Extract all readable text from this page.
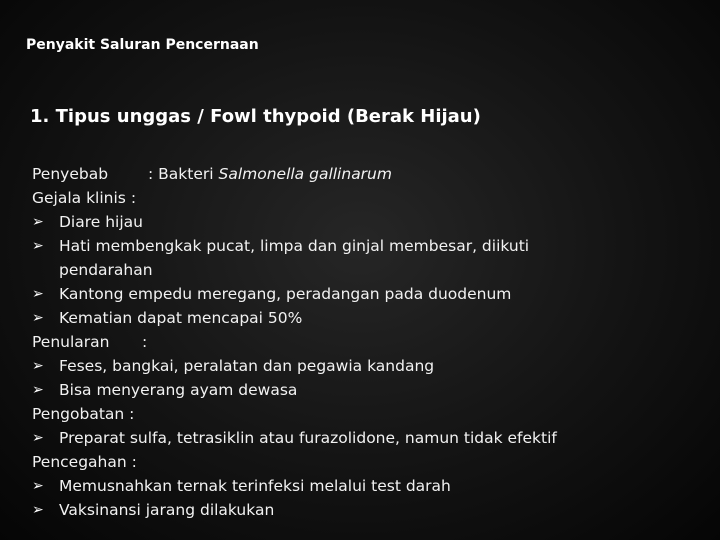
Penyakit Saluran Pencernaan
1. Tipus unggas / Fowl thypoid (Berak Hijau)
Penyebab	: Bakteri Salmonella gallinarum
Gejala klinis :
➢ Diare hijau
➢ Hati membengkak pucat, limpa dan ginjal membesar, diikuti pendarahan
➢ Kantong empedu meregang, peradangan pada duodenum
➢ Kematian dapat mencapai 50%
Penularan :
➢ Feses, bangkai, peralatan dan pegawia kandang
➢ Bisa menyerang ayam dewasa
Pengobatan :
➢ Preparat sulfa, tetrasiklin atau furazolidone, namun tidak efektif
Pencegahan :
➢ Memusnahkan ternak terinfeksi melalui test darah
➢ Vaksinansi jarang dilakukan
